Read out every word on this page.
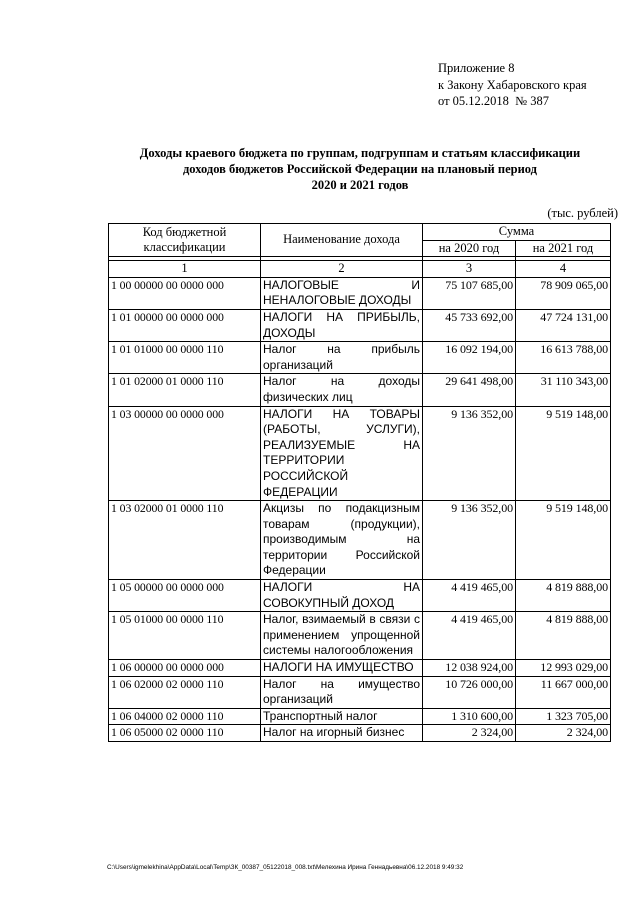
Приложение 8
к Закону Хабаровского края
от 05.12.2018  № 387
Доходы краевого бюджета по группам, подгруппам и статьям классификации
доходов бюджетов Российской Федерации на плановый период
2020 и 2021 годов
(тыс. рублей)
Код бюджетной классификации	Наименование дохода	Сумма	
		на 2020 год	на 2021 год

1	2	3	4
1 00 00000 00 0000 000	НАЛОГОВЫЕ И НЕНАЛОГОВЫЕ ДОХОДЫ	75 107 685,00	78 909 065,00
1 01 00000 00 0000 000	НАЛОГИ НА ПРИБЫЛЬ, ДОХОДЫ	45 733 692,00	47 724 131,00
1 01 01000 00 0000 110	Налог на прибыль организаций	16 092 194,00	16 613 788,00
1 01 02000 01 0000 110	Налог на доходы физических лиц	29 641 498,00	31 110 343,00
1 03 00000 00 0000 000	НАЛОГИ НА ТОВАРЫ (РАБОТЫ, УСЛУГИ), РЕАЛИЗУЕМЫЕ НА ТЕРРИТОРИИ РОССИЙСКОЙ ФЕДЕРАЦИИ	9 136 352,00	9 519 148,00
1 03 02000 01 0000 110	Акцизы по подакцизным товарам (продукции), производимым на территории Российской Федерации	9 136 352,00	9 519 148,00
1 05 00000 00 0000 000	НАЛОГИ НА СОВОКУПНЫЙ ДОХОД	4 419 465,00	4 819 888,00
1 05 01000 00 0000 110	Налог, взимаемый в связи с применением упрощенной системы налогообложения	4 419 465,00	4 819 888,00
1 06 00000 00 0000 000	НАЛОГИ НА ИМУЩЕСТВО	12 038 924,00	12 993 029,00
1 06 02000 02 0000 110	Налог на имущество организаций	10 726 000,00	11 667 000,00
1 06 04000 02 0000 110	Транспортный налог	1 310 600,00	1 323 705,00
1 06 05000 02 0000 110	Налог на игорный бизнес	2 324,00	2 324,00
C:\Users\igmelekhina\AppData\Local\Temp\ЗК_00387_05122018_008.txt\Мелехина Ирина Геннадьевна\06.12.2018 9:49:32
